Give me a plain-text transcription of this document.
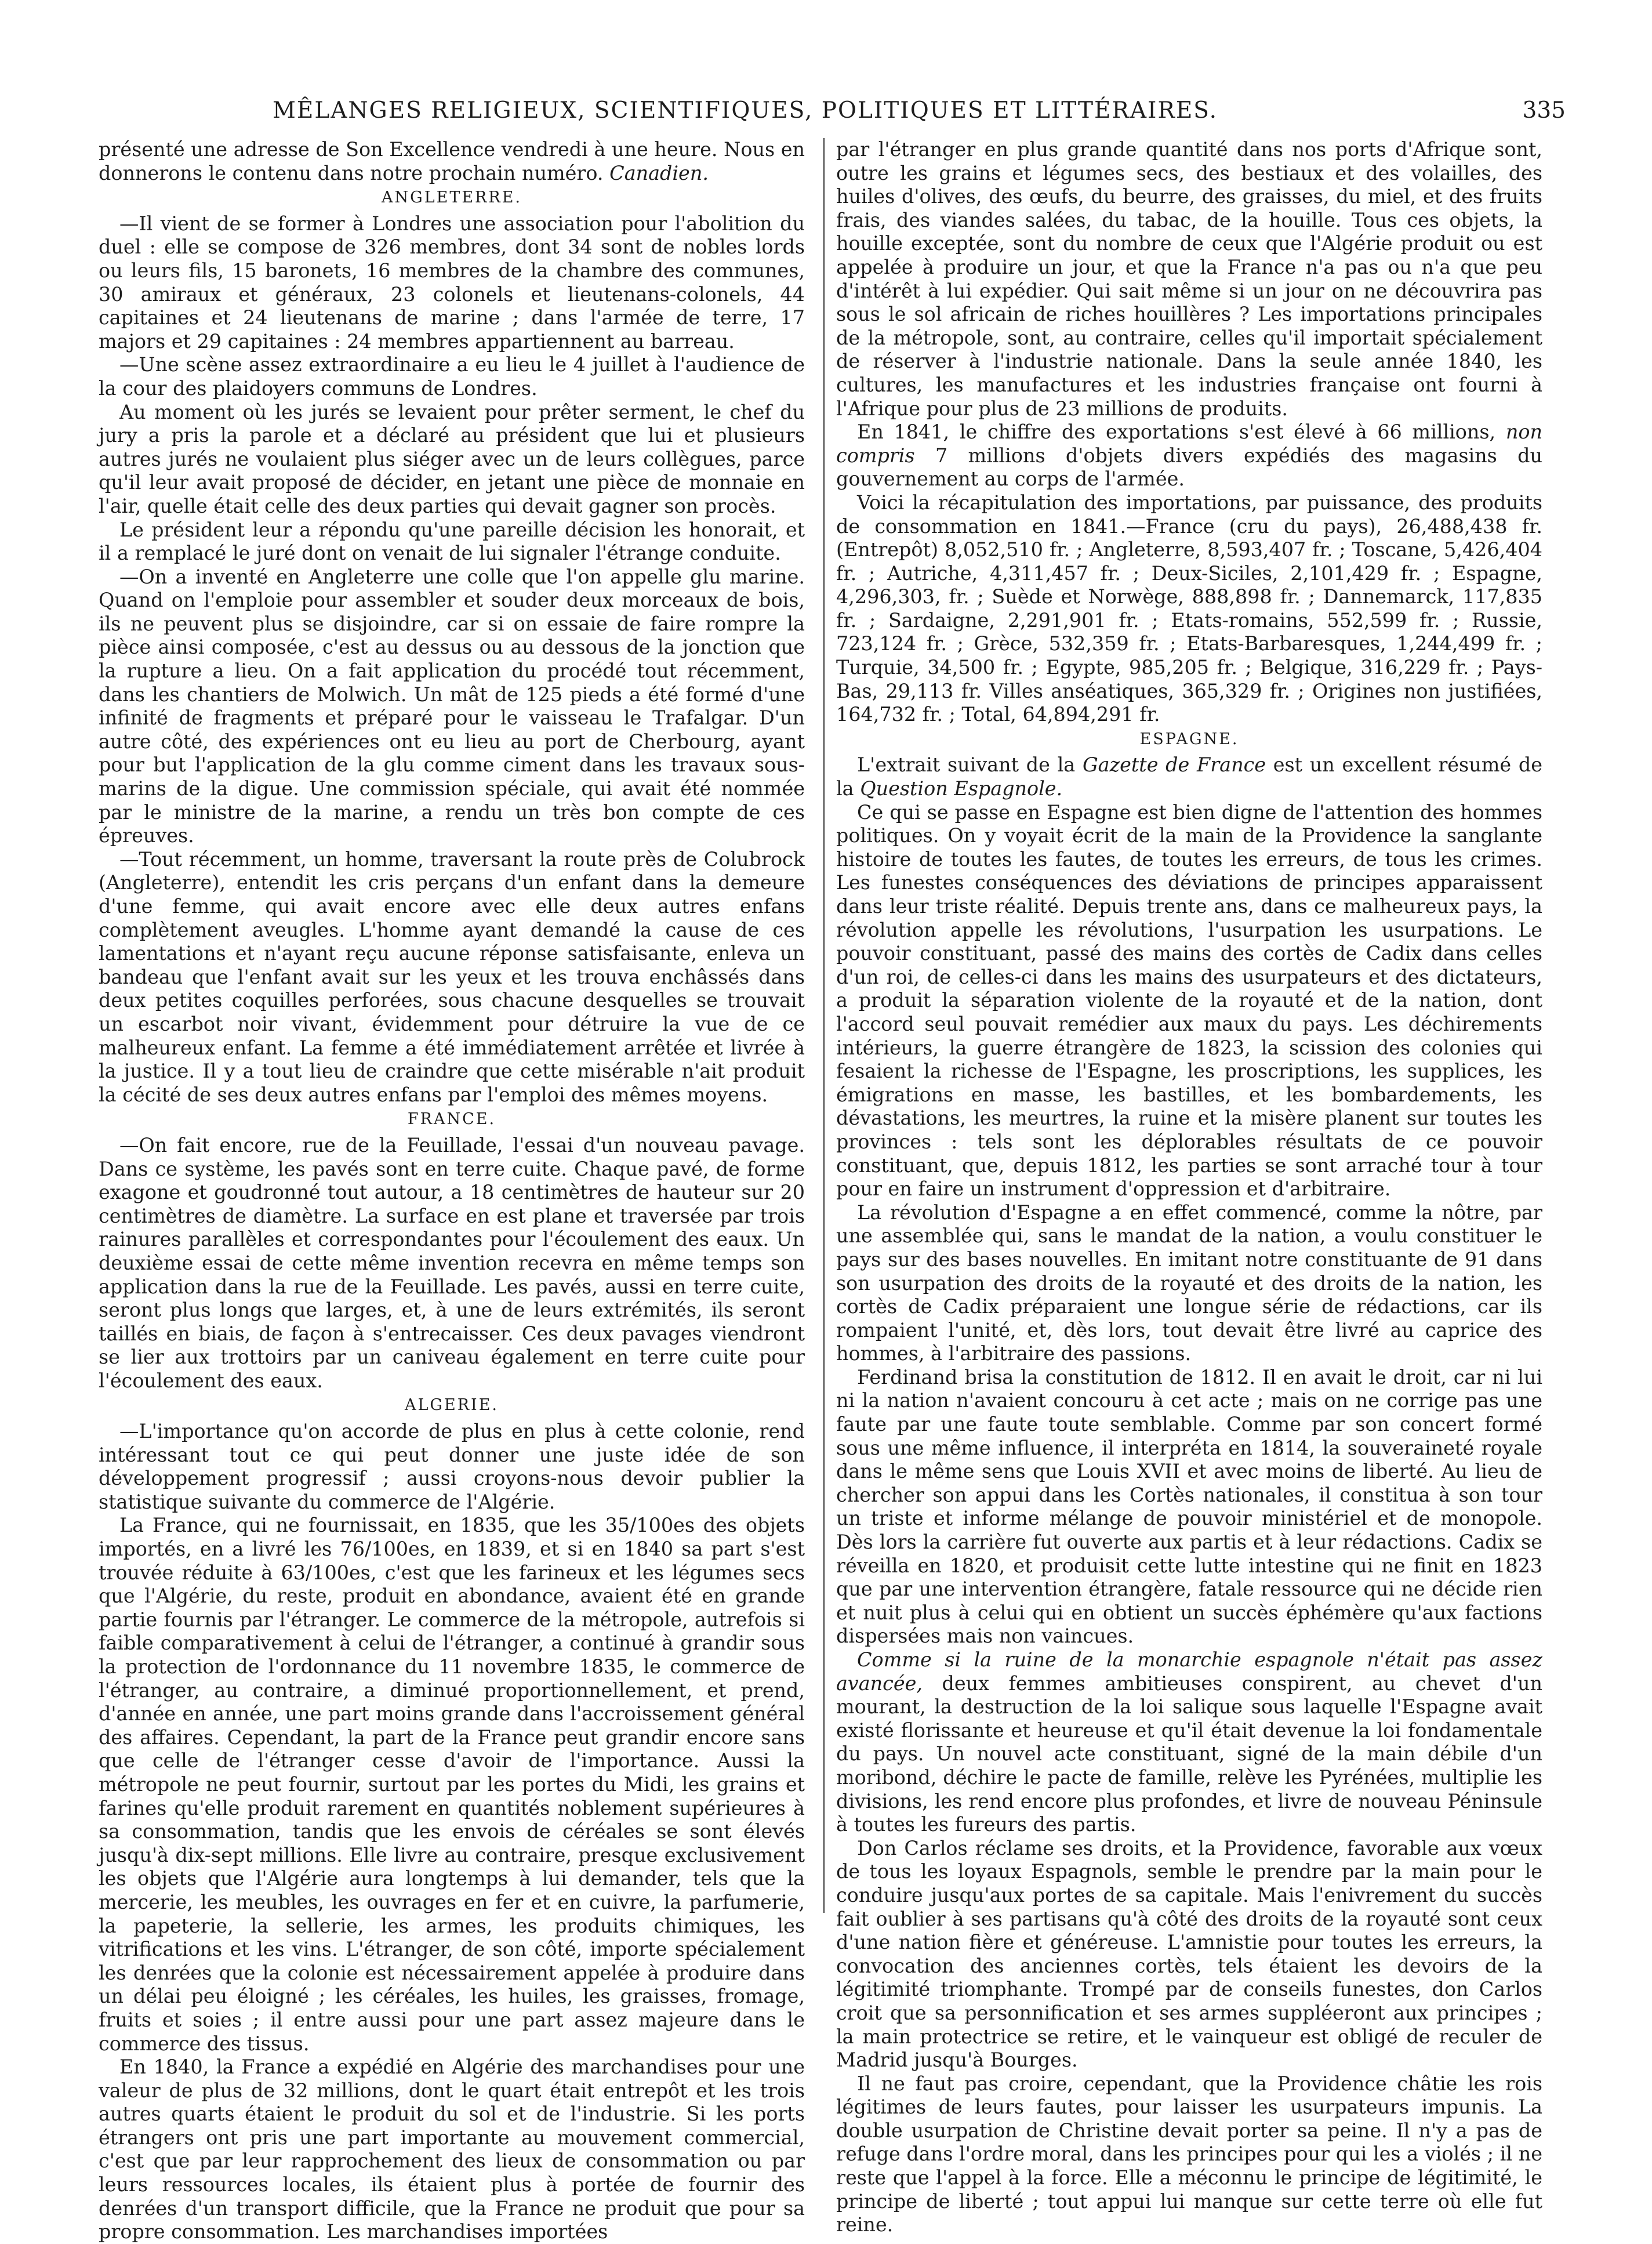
MÊLANGES RELIGIEUX, SCIENTIFIQUES, POLITIQUES ET LITTÉRAIRES.	335

présenté une adresse de Son Excellence vendredi à une heure. Nous en donnerons le contenu dans notre prochain numéro. Canadien.

ANGLETERRE.

—Il vient de se former à Londres une association pour l'abolition du duel : elle se compose de 326 membres, dont 34 sont de nobles lords ou leurs fils, 15 baronets, 16 membres de la chambre des communes, 30 amiraux et généraux, 23 colonels et lieutenans-colonels, 44 capitaines et 24 lieutenans de marine ; dans l'armée de terre, 17 majors et 29 capitaines : 24 membres appartiennent au barreau.

—Une scène assez extraordinaire a eu lieu le 4 juillet à l'audience de la cour des plaidoyers communs de Londres.

Au moment où les jurés se levaient pour prêter serment, le chef du jury a pris la parole et a déclaré au président que lui et plusieurs autres jurés ne voulaient plus siéger avec un de leurs collègues, parce qu'il leur avait proposé de décider, en jetant une pièce de monnaie en l'air, quelle était celle des deux parties qui devait gagner son procès.

Le président leur a répondu qu'une pareille décision les honorait, et il a remplacé le juré dont on venait de lui signaler l'étrange conduite.

—On a inventé en Angleterre une colle que l'on appelle glu marine. Quand on l'emploie pour assembler et souder deux morceaux de bois, ils ne peuvent plus se disjoindre, car si on essaie de faire rompre la pièce ainsi composée, c'est au dessus ou au dessous de la jonction que la rupture a lieu. On a fait application du procédé tout récemment, dans les chantiers de Molwich. Un mât de 125 pieds a été formé d'une infinité de fragments et préparé pour le vaisseau le Trafalgar. D'un autre côté, des expériences ont eu lieu au port de Cherbourg, ayant pour but l'application de la glu comme ciment dans les travaux sous-marins de la digue. Une commission spéciale, qui avait été nommée par le ministre de la marine, a rendu un très bon compte de ces épreuves.

—Tout récemment, un homme, traversant la route près de Colubrock (Angleterre), entendit les cris perçans d'un enfant dans la demeure d'une femme, qui avait encore avec elle deux autres enfans complètement aveugles. L'homme ayant demandé la cause de ces lamentations et n'ayant reçu aucune réponse satisfaisante, enleva un bandeau que l'enfant avait sur les yeux et les trouva enchâssés dans deux petites coquilles perforées, sous chacune desquelles se trouvait un escarbot noir vivant, évidemment pour détruire la vue de ce malheureux enfant. La femme a été immédiatement arrêtée et livrée à la justice. Il y a tout lieu de craindre que cette misérable n'ait produit la cécité de ses deux autres enfans par l'emploi des mêmes moyens.

FRANCE.

—On fait encore, rue de la Feuillade, l'essai d'un nouveau pavage. Dans ce système, les pavés sont en terre cuite. Chaque pavé, de forme exagone et goudronné tout autour, a 18 centimètres de hauteur sur 20 centimètres de diamètre. La surface en est plane et traversée par trois rainures parallèles et correspondantes pour l'écoulement des eaux. Un deuxième essai de cette même invention recevra en même temps son application dans la rue de la Feuillade. Les pavés, aussi en terre cuite, seront plus longs que larges, et, à une de leurs extrémités, ils seront taillés en biais, de façon à s'entrecaisser. Ces deux pavages viendront se lier aux trottoirs par un caniveau également en terre cuite pour l'écoulement des eaux.

ALGERIE.

—L'importance qu'on accorde de plus en plus à cette colonie, rend intéressant tout ce qui peut donner une juste idée de son développement progressif ; aussi croyons-nous devoir publier la statistique suivante du commerce de l'Algérie.

La France, qui ne fournissait, en 1835, que les 35/100es des objets importés, en a livré les 76/100es, en 1839, et si en 1840 sa part s'est trouvée réduite à 63/100es, c'est que les farineux et les légumes secs que l'Algérie, du reste, produit en abondance, avaient été en grande partie fournis par l'étranger. Le commerce de la métropole, autrefois si faible comparativement à celui de l'étranger, a continué à grandir sous la protection de l'ordonnance du 11 novembre 1835, le commerce de l'étranger, au contraire, a diminué proportionnellement, et prend, d'année en année, une part moins grande dans l'accroissement général des affaires. Cependant, la part de la France peut grandir encore sans que celle de l'étranger cesse d'avoir de l'importance. Aussi la métropole ne peut fournir, surtout par les portes du Midi, les grains et farines qu'elle produit rarement en quantités noblement supérieures à sa consommation, tandis que les envois de céréales se sont élevés jusqu'à dix-sept millions. Elle livre au contraire, presque exclusivement les objets que l'Algérie aura longtemps à lui demander, tels que la mercerie, les meubles, les ouvrages en fer et en cuivre, la parfumerie, la papeterie, la sellerie, les armes, les produits chimiques, les vitrifications et les vins. L'étranger, de son côté, importe spécialement les denrées que la colonie est nécessairement appelée à produire dans un délai peu éloigné ; les céréales, les huiles, les graisses, fromage, fruits et soies ; il entre aussi pour une part assez majeure dans le commerce des tissus.

En 1840, la France a expédié en Algérie des marchandises pour une valeur de plus de 32 millions, dont le quart était entrepôt et les trois autres quarts étaient le produit du sol et de l'industrie. Si les ports étrangers ont pris une part importante au mouvement commercial, c'est que par leur rapprochement des lieux de consommation ou par leurs ressources locales, ils étaient plus à portée de fournir des denrées d'un transport difficile, que la France ne produit que pour sa propre consommation. Les marchandises importées

par l'étranger en plus grande quantité dans nos ports d'Afrique sont, outre les grains et légumes secs, des bestiaux et des volailles, des huiles d'olives, des œufs, du beurre, des graisses, du miel, et des fruits frais, des viandes salées, du tabac, de la houille. Tous ces objets, la houille exceptée, sont du nombre de ceux que l'Algérie produit ou est appelée à produire un jour, et que la France n'a pas ou n'a que peu d'intérêt à lui expédier. Qui sait même si un jour on ne découvrira pas sous le sol africain de riches houillères ? Les importations principales de la métropole, sont, au contraire, celles qu'il importait spécialement de réserver à l'industrie nationale. Dans la seule année 1840, les cultures, les manufactures et les industries française ont fourni à l'Afrique pour plus de 23 millions de produits.

En 1841, le chiffre des exportations s'est élevé à 66 millions, non compris 7 millions d'objets divers expédiés des magasins du gouvernement au corps de l'armée.

Voici la récapitulation des importations, par puissance, des produits de consommation en 1841.—France (cru du pays), 26,488,438 fr. (Entrepôt) 8,052,510 fr. ; Angleterre, 8,593,407 fr. ; Toscane, 5,426,404 fr. ; Autriche, 4,311,457 fr. ; Deux-Siciles, 2,101,429 fr. ; Espagne, 4,296,303, fr. ; Suède et Norwège, 888,898 fr. ; Dannemarck, 117,835 fr. ; Sardaigne, 2,291,901 fr. ; Etats-romains, 552,599 fr. ; Russie, 723,124 fr. ; Grèce, 532,359 fr. ; Etats-Barbaresques, 1,244,499 fr. ; Turquie, 34,500 fr. ; Egypte, 985,205 fr. ; Belgique, 316,229 fr. ; Pays-Bas, 29,113 fr. Villes anséatiques, 365,329 fr. ; Origines non justifiées, 164,732 fr. ; Total, 64,894,291 fr.

ESPAGNE.

L'extrait suivant de la Gazette de France est un excellent résumé de la Question Espagnole.

Ce qui se passe en Espagne est bien digne de l'attention des hommes politiques. On y voyait écrit de la main de la Providence la sanglante histoire de toutes les fautes, de toutes les erreurs, de tous les crimes. Les funestes conséquences des déviations de principes apparaissent dans leur triste réalité. Depuis trente ans, dans ce malheureux pays, la révolution appelle les révolutions, l'usurpation les usurpations. Le pouvoir constituant, passé des mains des cortès de Cadix dans celles d'un roi, de celles-ci dans les mains des usurpateurs et des dictateurs, a produit la séparation violente de la royauté et de la nation, dont l'accord seul pouvait remédier aux maux du pays. Les déchirements intérieurs, la guerre étrangère de 1823, la scission des colonies qui fesaient la richesse de l'Espagne, les proscriptions, les supplices, les émigrations en masse, les bastilles, et les bombardements, les dévastations, les meurtres, la ruine et la misère planent sur toutes les provinces : tels sont les déplorables résultats de ce pouvoir constituant, que, depuis 1812, les parties se sont arraché tour à tour pour en faire un instrument d'oppression et d'arbitraire.

La révolution d'Espagne a en effet commencé, comme la nôtre, par une assemblée qui, sans le mandat de la nation, a voulu constituer le pays sur des bases nouvelles. En imitant notre constituante de 91 dans son usurpation des droits de la royauté et des droits de la nation, les cortès de Cadix préparaient une longue série de rédactions, car ils rompaient l'unité, et, dès lors, tout devait être livré au caprice des hommes, à l'arbitraire des passions.

Ferdinand brisa la constitution de 1812. Il en avait le droit, car ni lui ni la nation n'avaient concouru à cet acte ; mais on ne corrige pas une faute par une faute toute semblable. Comme par son concert formé sous une même influence, il interpréta en 1814, la souveraineté royale dans le même sens que Louis XVII et avec moins de liberté. Au lieu de chercher son appui dans les Cortès nationales, il constitua à son tour un triste et informe mélange de pouvoir ministériel et de monopole. Dès lors la carrière fut ouverte aux partis et à leur rédactions. Cadix se réveilla en 1820, et produisit cette lutte intestine qui ne finit en 1823 que par une intervention étrangère, fatale ressource qui ne décide rien et nuit plus à celui qui en obtient un succès éphémère qu'aux factions dispersées mais non vaincues.

Comme si la ruine de la monarchie espagnole n'était pas assez avancée, deux femmes ambitieuses conspirent, au chevet d'un mourant, la destruction de la loi salique sous laquelle l'Espagne avait existé florissante et heureuse et qu'il était devenue la loi fondamentale du pays. Un nouvel acte constituant, signé de la main débile d'un moribond, déchire le pacte de famille, relève les Pyrénées, multiplie les divisions, les rend encore plus profondes, et livre de nouveau Péninsule à toutes les fureurs des partis.

Don Carlos réclame ses droits, et la Providence, favorable aux vœux de tous les loyaux Espagnols, semble le prendre par la main pour le conduire jusqu'aux portes de sa capitale. Mais l'enivrement du succès fait oublier à ses partisans qu'à côté des droits de la royauté sont ceux d'une nation fière et généreuse. L'amnistie pour toutes les erreurs, la convocation des anciennes cortès, tels étaient les devoirs de la légitimité triomphante. Trompé par de conseils funestes, don Carlos croit que sa personnification et ses armes suppléeront aux principes ; la main protectrice se retire, et le vainqueur est obligé de reculer de Madrid jusqu'à Bourges.

Il ne faut pas croire, cependant, que la Providence châtie les rois légitimes de leurs fautes, pour laisser les usurpateurs impunis. La double usurpation de Christine devait porter sa peine. Il n'y a pas de refuge dans l'ordre moral, dans les principes pour qui les a violés ; il ne reste que l'appel à la force. Elle a méconnu le principe de légitimité, le principe de liberté ; tout appui lui manque sur cette terre où elle fut reine.
